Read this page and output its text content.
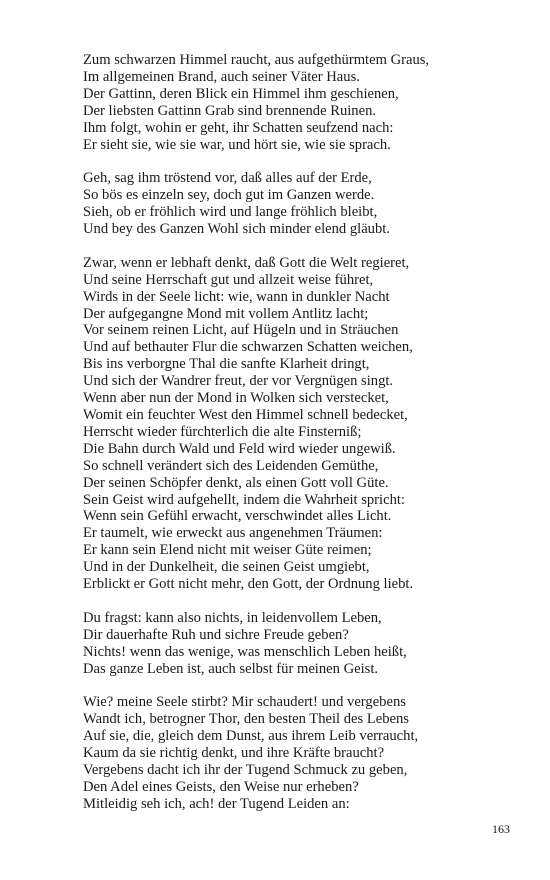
Zum schwarzen Himmel raucht, aus aufgethürmtem Graus,
Im allgemeinen Brand, auch seiner Väter Haus.
Der Gattinn, deren Blick ein Himmel ihm geschienen,
Der liebsten Gattinn Grab sind brennende Ruinen.
Ihm folgt, wohin er geht, ihr Schatten seufzend nach:
Er sieht sie, wie sie war, und hört sie, wie sie sprach.
Geh, sag ihm tröstend vor, daß alles auf der Erde,
So bös es einzeln sey, doch gut im Ganzen werde.
Sieh, ob er fröhlich wird und lange fröhlich bleibt,
Und bey des Ganzen Wohl sich minder elend gläubt.
Zwar, wenn er lebhaft denkt, daß Gott die Welt regieret,
Und seine Herrschaft gut und allzeit weise führet,
Wirds in der Seele licht: wie, wann in dunkler Nacht
Der aufgegangne Mond mit vollem Antlitz lacht;
Vor seinem reinen Licht, auf Hügeln und in Sträuchen
Und auf bethauter Flur die schwarzen Schatten weichen,
Bis ins verborgne Thal die sanfte Klarheit dringt,
Und sich der Wandrer freut, der vor Vergnügen singt.
Wenn aber nun der Mond in Wolken sich verstecket,
Womit ein feuchter West den Himmel schnell bedecket,
Herrscht wieder fürchterlich die alte Finsterniß;
Die Bahn durch Wald und Feld wird wieder ungewiß.
So schnell verändert sich des Leidenden Gemüthe,
Der seinen Schöpfer denkt, als einen Gott voll Güte.
Sein Geist wird aufgehellt, indem die Wahrheit spricht:
Wenn sein Gefühl erwacht, verschwindet alles Licht.
Er taumelt, wie erweckt aus angenehmen Träumen:
Er kann sein Elend nicht mit weiser Güte reimen;
Und in der Dunkelheit, die seinen Geist umgiebt,
Erblickt er Gott nicht mehr, den Gott, der Ordnung liebt.
Du fragst: kann also nichts, in leidenvollem Leben,
Dir dauerhafte Ruh und sichre Freude geben?
Nichts! wenn das wenige, was menschlich Leben heißt,
Das ganze Leben ist, auch selbst für meinen Geist.
Wie? meine Seele stirbt? Mir schaudert! und vergebens
Wandt ich, betrogner Thor, den besten Theil des Lebens
Auf sie, die, gleich dem Dunst, aus ihrem Leib verraucht,
Kaum da sie richtig denkt, und ihre Kräfte braucht?
Vergebens dacht ich ihr der Tugend Schmuck zu geben,
Den Adel eines Geists, den Weise nur erheben?
Mitleidig seh ich, ach! der Tugend Leiden an:
163
